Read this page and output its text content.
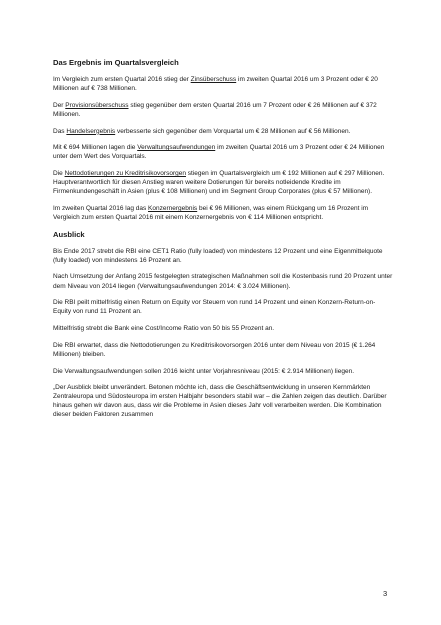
Das Ergebnis im Quartalsvergleich

Im Vergleich zum ersten Quartal 2016 stieg der Zinsüberschuss im zweiten Quartal 2016 um 3 Prozent oder € 20 Millionen auf € 738 Millionen.

Der Provisionsüberschuss stieg gegenüber dem ersten Quartal 2016 um 7 Prozent oder € 26 Millionen auf € 372 Millionen.

Das Handelsergebnis verbesserte sich gegenüber dem Vorquartal um € 28 Millionen auf € 56 Millionen.

Mit € 694 Millionen lagen die Verwaltungsaufwendungen im zweiten Quartal 2016 um 3 Prozent oder € 24 Millionen unter dem Wert des Vorquartals.

Die Nettodotierungen zu Kreditrisikovorsorgen stiegen im Quartalsvergleich um € 192 Millionen auf € 297 Millionen. Hauptverantwortlich für diesen Anstieg waren weitere Dotierungen für bereits notleidende Kredite im Firmenkundengeschäft in Asien (plus € 108 Millionen) und im Segment Group Corporates (plus € 57 Millionen).

Im zweiten Quartal 2016 lag das Konzernergebnis bei € 96 Millionen, was einem Rückgang um 16 Prozent im Vergleich zum ersten Quartal 2016 mit einem Konzernergebnis von € 114 Millionen entspricht.

Ausblick

Bis Ende 2017 strebt die RBI eine CET1 Ratio (fully loaded) von mindestens 12 Prozent und eine Eigenmittelquote (fully loaded) von mindestens 16 Prozent an.

Nach Umsetzung der Anfang 2015 festgelegten strategischen Maßnahmen soll die Kostenbasis rund 20 Prozent unter dem Niveau von 2014 liegen (Verwaltungsaufwendungen 2014: € 3.024 Millionen).

Die RBI peilt mittelfristig einen Return on Equity vor Steuern von rund 14 Prozent und einen Konzern-Return-on-Equity von rund 11 Prozent an.

Mittelfristig strebt die Bank eine Cost/Income Ratio von 50 bis 55 Prozent an.

Die RBI erwartet, dass die Nettodotierungen zu Kreditrisikovorsorgen 2016 unter dem Niveau von 2015 (€ 1.264 Millionen) bleiben.

Die Verwaltungsaufwendungen sollen 2016 leicht unter Vorjahresniveau (2015: € 2.914 Millionen) liegen.

„Der Ausblick bleibt unverändert. Betonen möchte ich, dass die Geschäftsentwicklung in unseren Kernmärkten Zentraleuropa und Südosteuropa im ersten Halbjahr besonders stabil war – die Zahlen zeigen das deutlich. Darüber hinaus gehen wir davon aus, dass wir die Probleme in Asien dieses Jahr voll verarbeiten werden. Die Kombination dieser beiden Faktoren zusammen

3
